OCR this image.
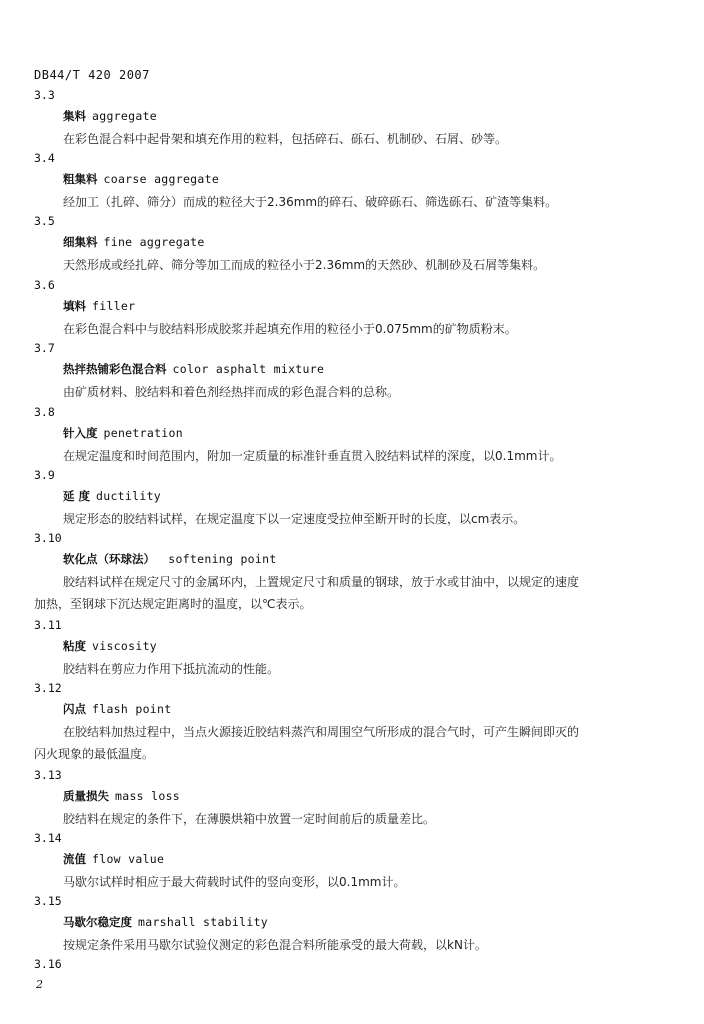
DB44/T 420 2007
3.3
集料 aggregate
在彩色混合料中起骨架和填充作用的粒料，包括碎石、砾石、机制砂、石屑、砂等。
3.4
粗集料 coarse aggregate
经加工（扎碎、筛分）而成的粒径大于2.36mm的碎石、破碎砾石、筛选砾石、矿渣等集料。
3.5
细集料 fine aggregate
天然形成或经扎碎、筛分等加工而成的粒径小于2.36mm的天然砂、机制砂及石屑等集料。
3.6
填料 filler
在彩色混合料中与胶结料形成胶浆并起填充作用的粒径小于0.075mm的矿物质粉末。
3.7
热拌热铺彩色混合料 color asphalt mixture
由矿质材料、胶结料和着色剂经热拌而成的彩色混合料的总称。
3.8
针入度 penetration
在规定温度和时间范围内，附加一定质量的标准针垂直贯入胶结料试样的深度，以0.1mm计。
3.9
延 度 ductility
规定形态的胶结料试样，在规定温度下以一定速度受拉伸至断开时的长度，以cm表示。
3.10
软化点（环球法） softening point
胶结料试样在规定尺寸的金属环内，上置规定尺寸和质量的钢球，放于水或甘油中，以规定的速度
加热，至钢球下沉达规定距离时的温度，以℃表示。
3.11
粘度 viscosity
胶结料在剪应力作用下抵抗流动的性能。
3.12
闪点 flash point
在胶结料加热过程中，当点火源接近胶结料蒸汽和周围空气所形成的混合气时，可产生瞬间即灭的
闪火现象的最低温度。
3.13
质量损失 mass loss
胶结料在规定的条件下，在薄膜烘箱中放置一定时间前后的质量差比。
3.14
流值 flow value
马歇尔试样时相应于最大荷载时试件的竖向变形，以0.1mm计。
3.15
马歇尔稳定度 marshall stability
按规定条件采用马歇尔试验仪测定的彩色混合料所能承受的最大荷载，以kN计。
3.16
2
